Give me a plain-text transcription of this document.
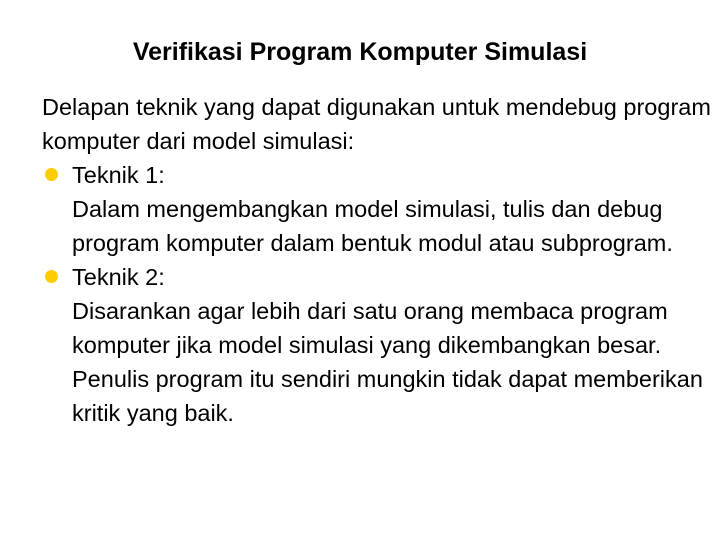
Verifikasi Program Komputer Simulasi

Delapan teknik yang dapat digunakan untuk mendebug program komputer dari model simulasi:

Teknik 1:
Dalam mengembangkan model simulasi, tulis dan debug program komputer dalam bentuk modul atau subprogram.
Teknik 2:
Disarankan agar lebih dari satu orang membaca program komputer jika model simulasi yang dikembangkan besar. Penulis program itu sendiri mungkin tidak dapat memberikan kritik yang baik.
